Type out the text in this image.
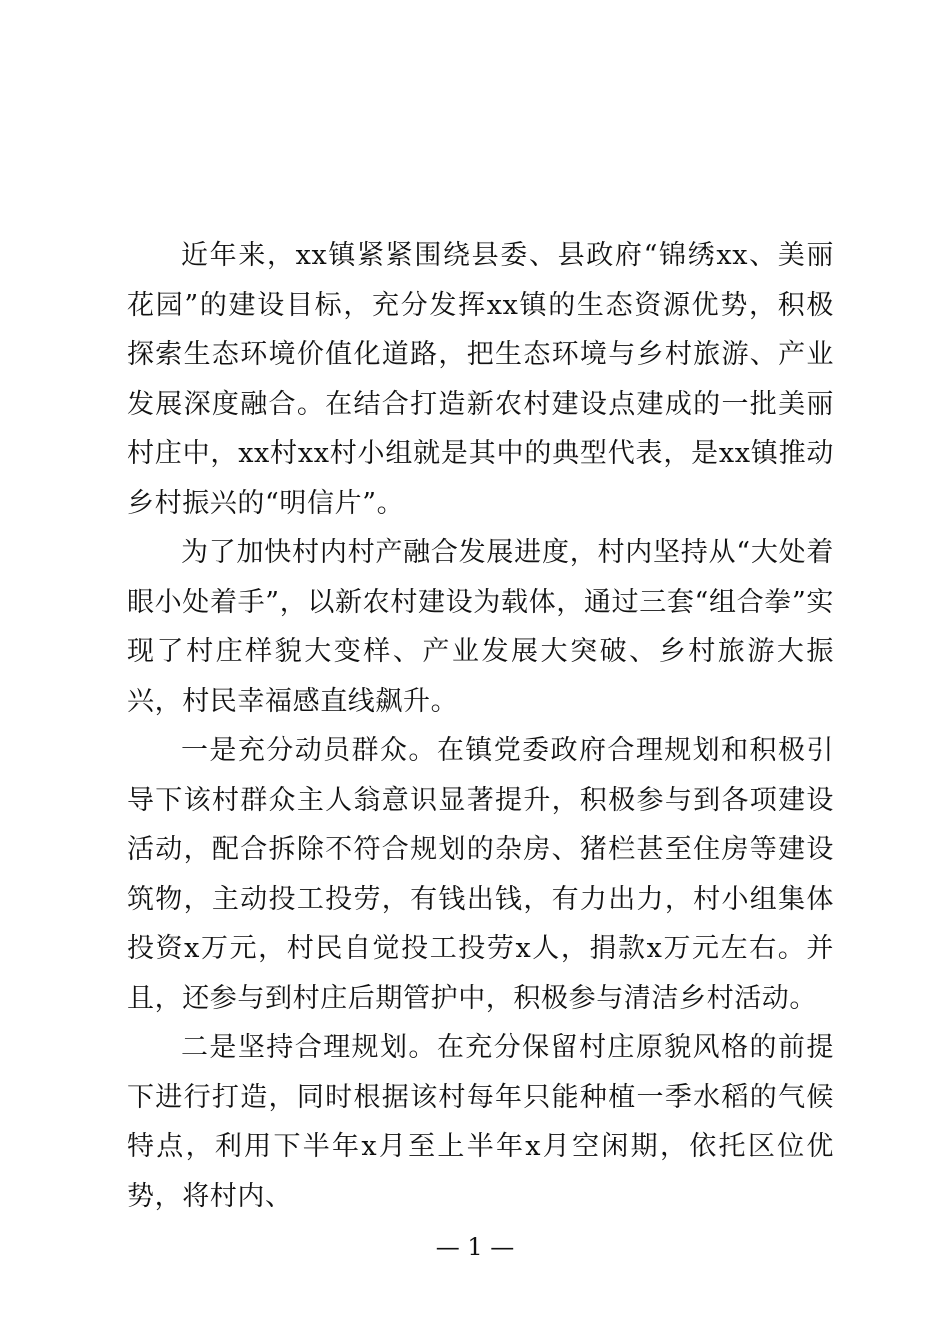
近年来，xx镇紧紧围绕县委、县政府“锦绣xx、美丽花园”的建设目标，充分发挥xx镇的生态资源优势，积极探索生态环境价值化道路，把生态环境与乡村旅游、产业发展深度融合。在结合打造新农村建设点建成的一批美丽村庄中，xx村xx村小组就是其中的典型代表，是xx镇推动乡村振兴的“明信片”。

为了加快村内村产融合发展进度，村内坚持从“大处着眼小处着手”，以新农村建设为载体，通过三套“组合拳”实现了村庄样貌大变样、产业发展大突破、乡村旅游大振兴，村民幸福感直线飙升。

一是充分动员群众。在镇党委政府合理规划和积极引导下该村群众主人翁意识显著提升，积极参与到各项建设活动，配合拆除不符合规划的杂房、猪栏甚至住房等建设筑物，主动投工投劳，有钱出钱，有力出力，村小组集体投资x万元，村民自觉投工投劳x人，捐款x万元左右。并且，还参与到村庄后期管护中，积极参与清洁乡村活动。

二是坚持合理规划。在充分保留村庄原貌风格的前提下进行打造，同时根据该村每年只能种植一季水稻的气候特点，利用下半年x月至上半年x月空闲期，依托区位优势，将村内、

— 1 —
